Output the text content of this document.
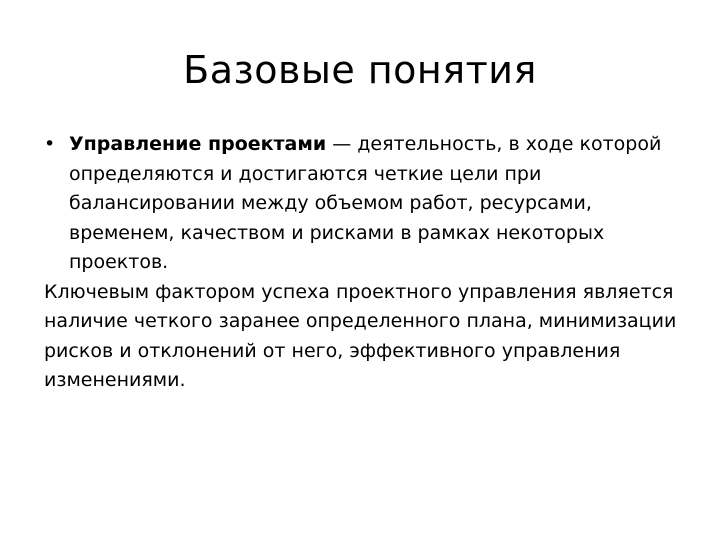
Базовые понятия

• Управление проектами — деятельность, в ходе которой определяются и достигаются четкие цели при балансировании между объемом работ, ресурсами, временем, качеством и рисками в рамках некоторых проектов.

Ключевым фактором успеха проектного управления является наличие четкого заранее определенного плана, минимизации рисков и отклонений от него, эффективного управления изменениями.
